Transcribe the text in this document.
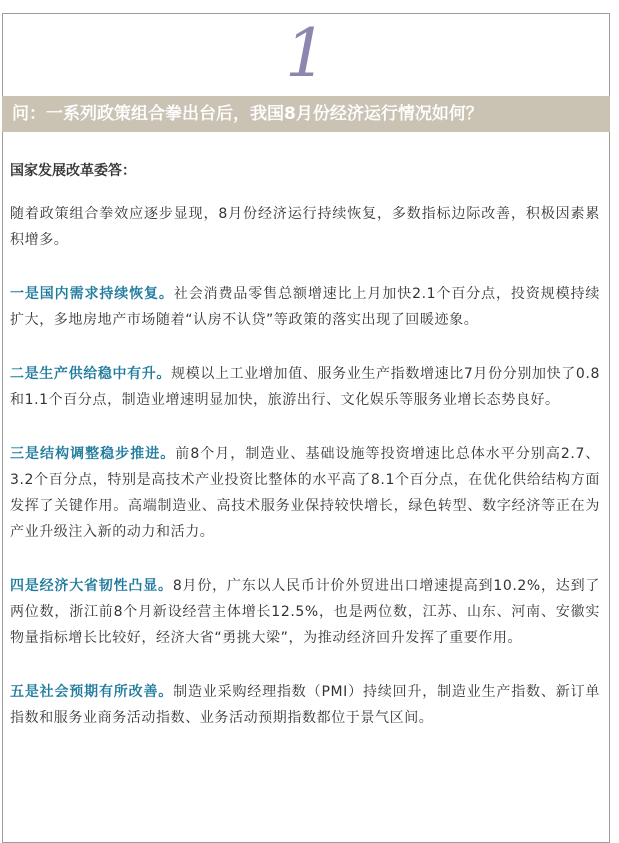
1
问：一系列政策组合拳出台后，我国8月份经济运行情况如何？

国家发展改革委答：

随着政策组合拳效应逐步显现，8月份经济运行持续恢复，多数指标边际改善，积极因素累积增多。

一是国内需求持续恢复。社会消费品零售总额增速比上月加快2.1个百分点，投资规模持续扩大，多地房地产市场随着“认房不认贷”等政策的落实出现了回暖迹象。

二是生产供给稳中有升。规模以上工业增加值、服务业生产指数增速比7月份分别加快了0.8和1.1个百分点，制造业增速明显加快，旅游出行、文化娱乐等服务业增长态势良好。

三是结构调整稳步推进。前8个月，制造业、基础设施等投资增速比总体水平分别高2.7、3.2个百分点，特别是高技术产业投资比整体的水平高了8.1个百分点，在优化供给结构方面发挥了关键作用。高端制造业、高技术服务业保持较快增长，绿色转型、数字经济等正在为产业升级注入新的动力和活力。

四是经济大省韧性凸显。8月份，广东以人民币计价外贸进出口增速提高到10.2%，达到了两位数，浙江前8个月新设经营主体增长12.5%，也是两位数，江苏、山东、河南、安徽实物量指标增长比较好，经济大省“勇挑大梁”，为推动经济回升发挥了重要作用。

五是社会预期有所改善。制造业采购经理指数（PMI）持续回升，制造业生产指数、新订单指数和服务业商务活动指数、业务活动预期指数都位于景气区间。
